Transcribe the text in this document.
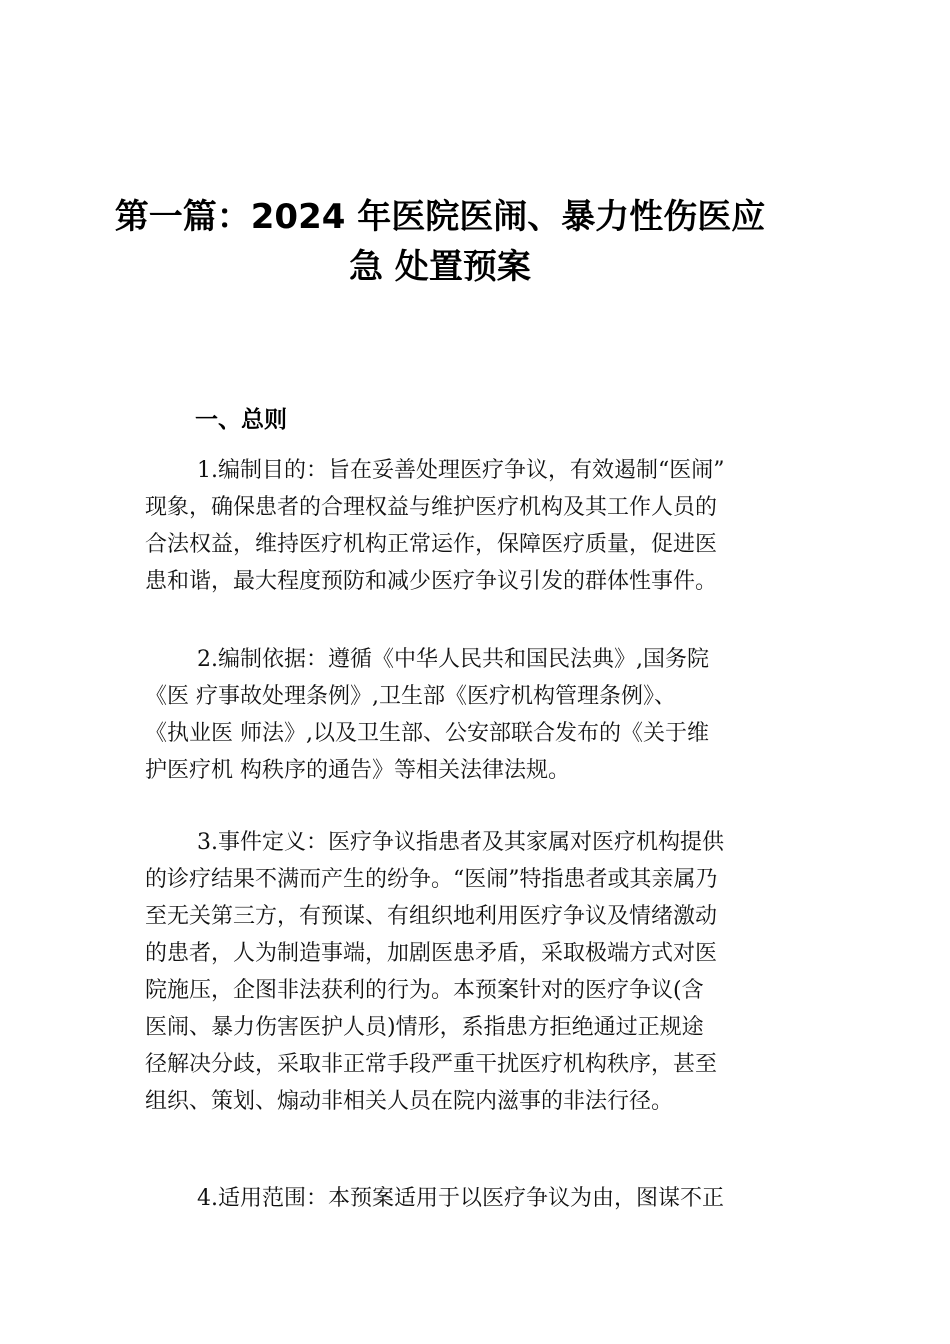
第一篇：2024 年医院医闹、暴力性伤医应
急 处置预案
一、总则

1.编制目的：旨在妥善处理医疗争议，有效遏制“医闹”
现象，确保患者的合理权益与维护医疗机构及其工作人员的
合法权益，维持医疗机构正常运作，保障医疗质量，促进医
患和谐，最大程度预防和减少医疗争议引发的群体性事件。

2.编制依据：遵循《中华人民共和国民法典》,国务院
《医 疗事故处理条例》,卫生部《医疗机构管理条例》、
《执业医 师法》,以及卫生部、公安部联合发布的《关于维
护医疗机 构秩序的通告》等相关法律法规。

3.事件定义：医疗争议指患者及其家属对医疗机构提供
的诊疗结果不满而产生的纷争。“医闹”特指患者或其亲属乃
至无关第三方，有预谋、有组织地利用医疗争议及情绪激动
的患者，人为制造事端，加剧医患矛盾，采取极端方式对医
院施压，企图非法获利的行为。本预案针对的医疗争议(含
医闹、暴力伤害医护人员)情形，系指患方拒绝通过正规途
径解决分歧，采取非正常手段严重干扰医疗机构秩序，甚至
组织、策划、煽动非相关人员在院内滋事的非法行径。

4.适用范围：本预案适用于以医疗争议为由，图谋不正
